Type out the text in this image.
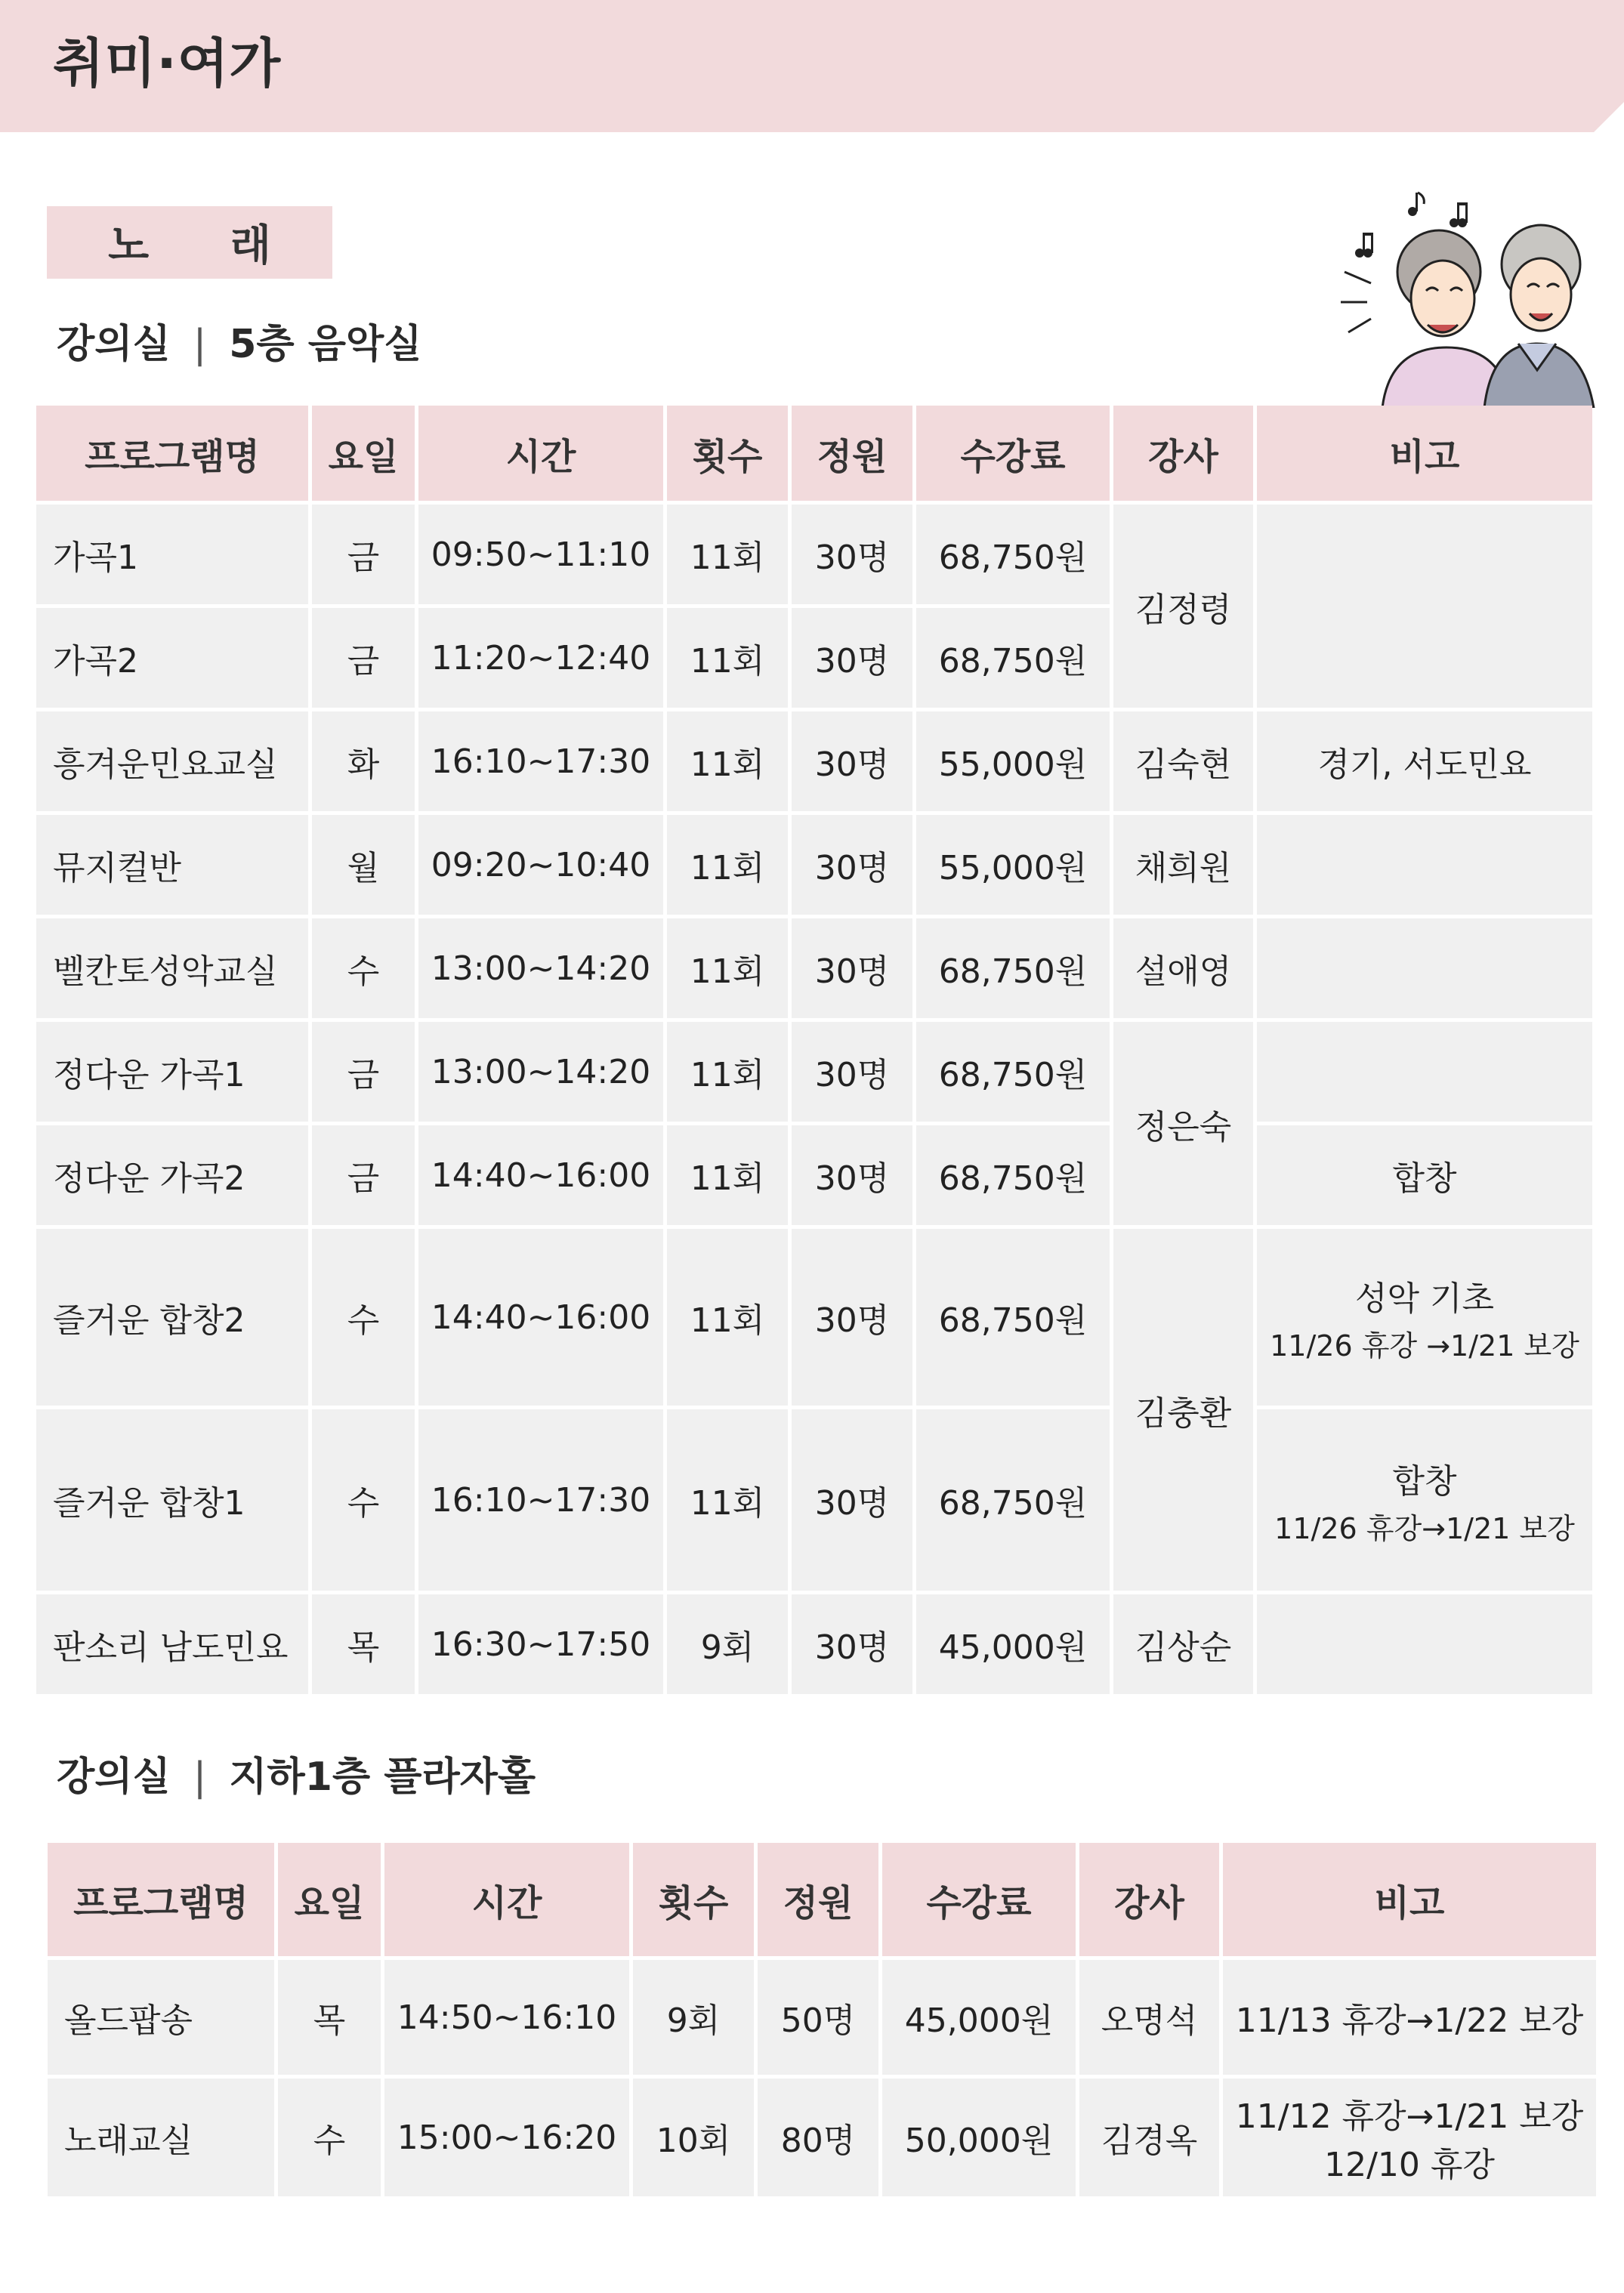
취미·여가
노 래
강의실 | 5층 음악실
프로그램명	요일	시간	횟수	정원	수강료	강사	비고
가곡1	금	09:50~11:10	11회	30명	68,750원	김정령	
가곡2	금	11:20~12:40	11회	30명	68,750원		
흥겨운민요교실	화	16:10~17:30	11회	30명	55,000원	김숙현	경기, 서도민요
뮤지컬반	월	09:20~10:40	11회	30명	55,000원	채희원	
벨칸토성악교실	수	13:00~14:20	11회	30명	68,750원	설애영	
정다운 가곡1	금	13:00~14:20	11회	30명	68,750원	정은숙	
정다운 가곡2	금	14:40~16:00	11회	30명	68,750원		합창
즐거운 합창2	수	14:40~16:00	11회	30명	68,750원	김충환	성악 기초
11/26 휴강 →1/21 보강

즐거운 합창1	수	16:10~17:30	11회	30명	68,750원		합창
11/26 휴강→1/21 보강

판소리 남도민요	목	16:30~17:50	9회	30명	45,000원	김상순	
강의실 | 지하1층 플라자홀
프로그램명	요일	시간	횟수	정원	수강료	강사	비고
올드팝송	목	14:50~16:10	9회	50명	45,000원	오명석	11/13 휴강→1/22 보강

노래교실	수	15:00~16:20	10회	80명	50,000원	김경옥	11/12 휴강→1/21 보강
12/10 휴강
